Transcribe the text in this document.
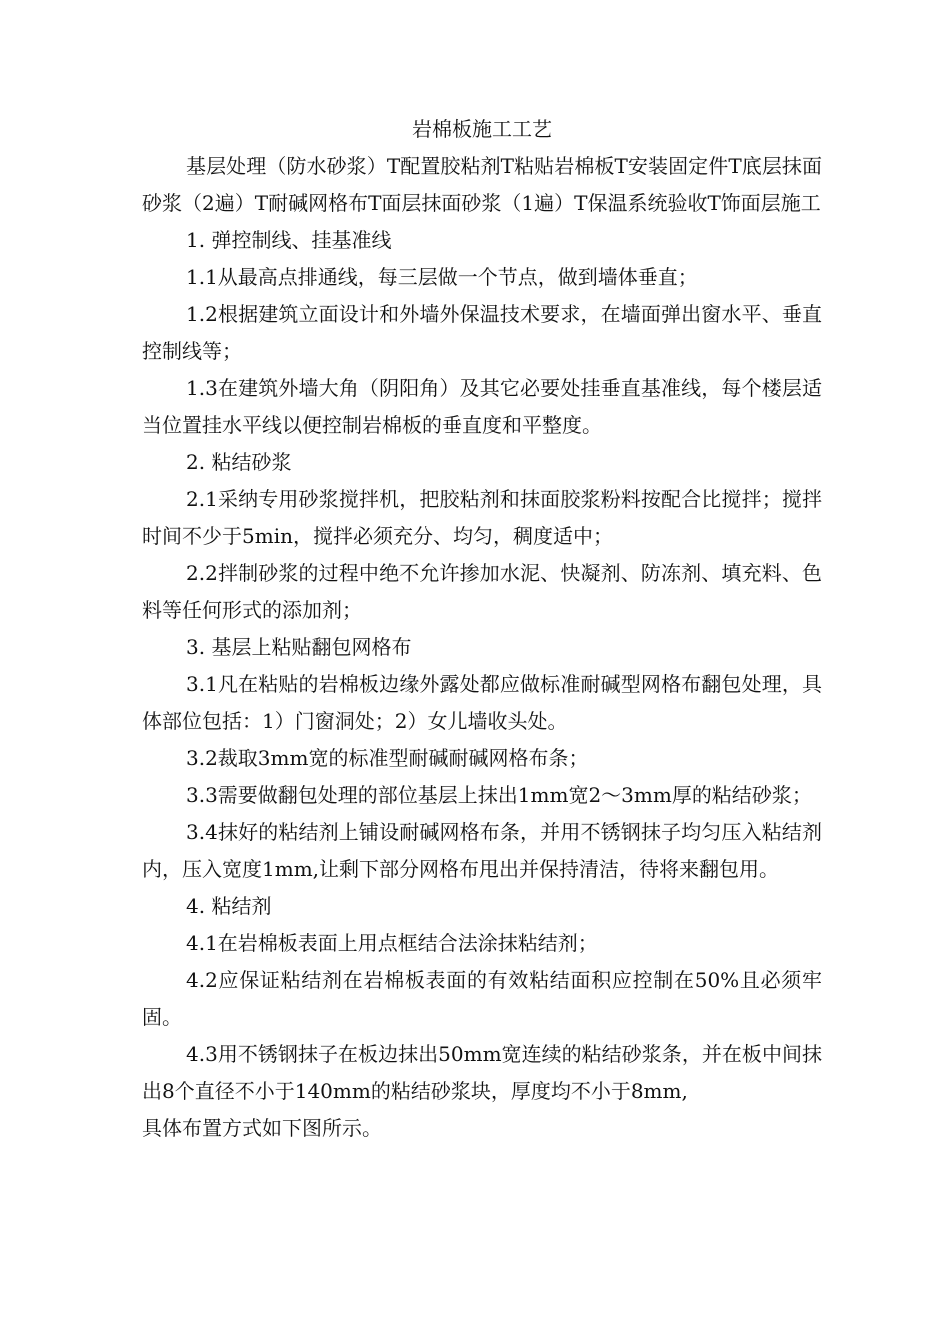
岩棉板施工工艺

基层处理（防水砂浆）T配置胶粘剂T粘贴岩棉板T安装固定件T底层抹面砂浆（2遍）T耐碱网格布T面层抹面砂浆（1遍）T保温系统验收T饰面层施工

1. 弹控制线、挂基准线

1.1从最高点排通线，每三层做一个节点，做到墙体垂直；

1.2根据建筑立面设计和外墙外保温技术要求，在墙面弹出窗水平、垂直控制线等；

1.3在建筑外墙大角（阴阳角）及其它必要处挂垂直基准线，每个楼层适当位置挂水平线以便控制岩棉板的垂直度和平整度。

2. 粘结砂浆

2.1采纳专用砂浆搅拌机，把胶粘剂和抹面胶浆粉料按配合比搅拌；搅拌时间不少于5min，搅拌必须充分、均匀，稠度适中；

2.2拌制砂浆的过程中绝不允许掺加水泥、快凝剂、防冻剂、填充料、色料等任何形式的添加剂；

3. 基层上粘贴翻包网格布

3.1凡在粘贴的岩棉板边缘外露处都应做标准耐碱型网格布翻包处理，具体部位包括：1）门窗洞处；2）女儿墙收头处。

3.2裁取3mm宽的标准型耐碱耐碱网格布条；

3.3需要做翻包处理的部位基层上抹出1mm宽2〜3mm厚的粘结砂浆；

3.4抹好的粘结剂上铺设耐碱网格布条，并用不锈钢抹子均匀压入粘结剂内，压入宽度1mm,让剩下部分网格布甩出并保持清洁，待将来翻包用。

4. 粘结剂

4.1在岩棉板表面上用点框结合法涂抹粘结剂；

4.2应保证粘结剂在岩棉板表面的有效粘结面积应控制在50%且必须牢固。

4.3用不锈钢抹子在板边抹出50mm宽连续的粘结砂浆条，并在板中间抹出8个直径不小于140mm的粘结砂浆块，厚度均不小于8mm,

具体布置方式如下图所示。
